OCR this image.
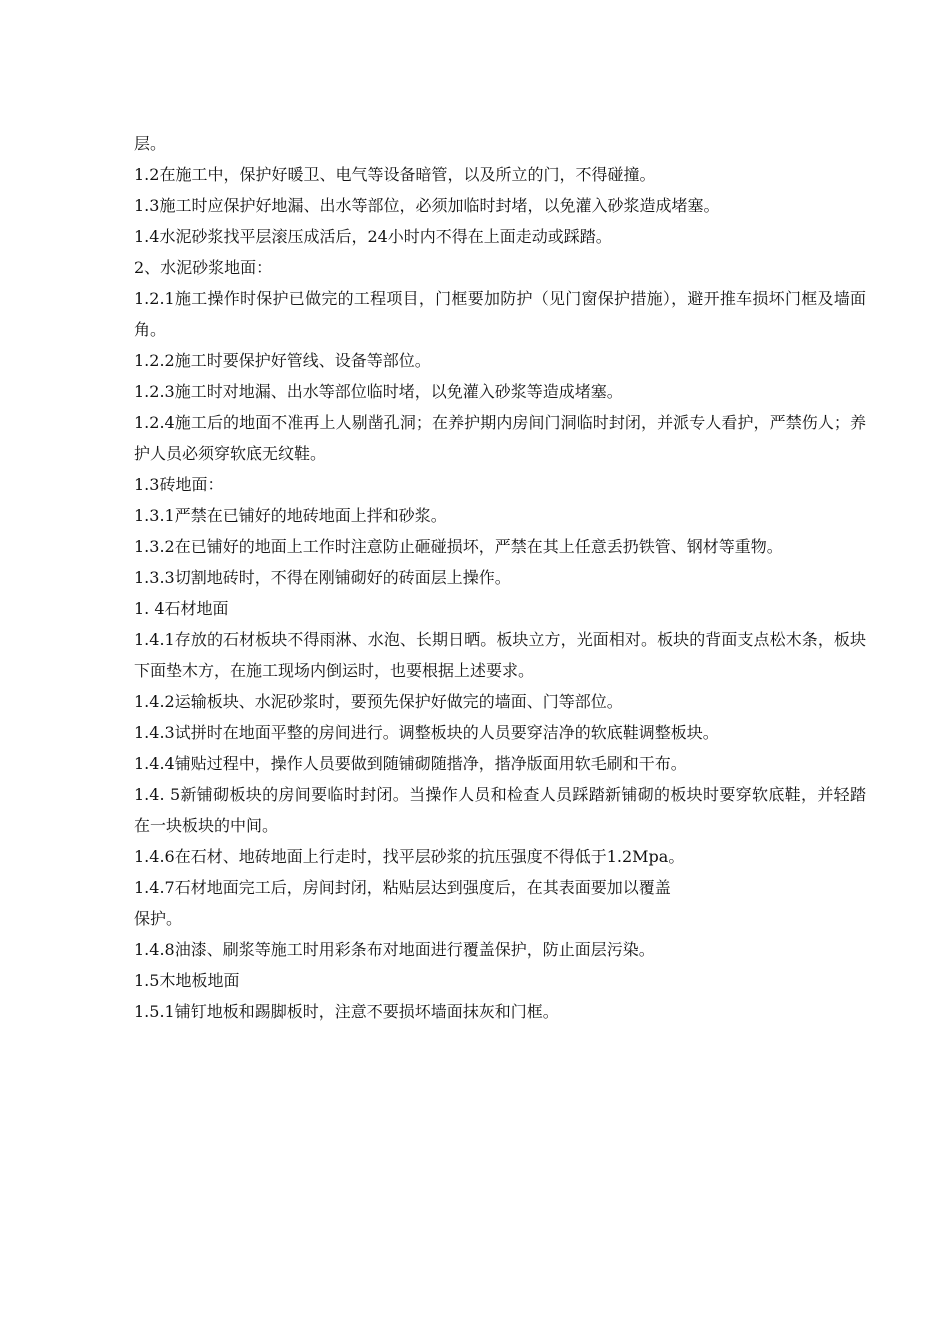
层。

1.2在施工中，保护好暖卫、电气等设备暗管，以及所立的门，不得碰撞。

1.3施工时应保护好地漏、出水等部位，必须加临时封堵，以免灌入砂浆造成堵塞。

1.4水泥砂浆找平层滚压成活后，24小时内不得在上面走动或踩踏。

2、水泥砂浆地面：

1.2.1施工操作时保护已做完的工程项目，门框要加防护（见门窗保护措施），避开推车损坏门框及墙面角。

1.2.2施工时要保护好管线、设备等部位。

1.2.3施工时对地漏、出水等部位临时堵，以免灌入砂浆等造成堵塞。

1.2.4施工后的地面不准再上人剔凿孔洞；在养护期内房间门洞临时封闭，并派专人看护，严禁伤人；养护人员必须穿软底无纹鞋。

1.3砖地面：

1.3.1严禁在已铺好的地砖地面上拌和砂浆。

1.3.2在已铺好的地面上工作时注意防止砸碰损坏，严禁在其上任意丢扔铁管、钢材等重物。

1.3.3切割地砖时，不得在刚铺砌好的砖面层上操作。

1. 4石材地面

1.4.1存放的石材板块不得雨淋、水泡、长期日晒。板块立方，光面相对。板块的背面支点松木条，板块下面垫木方，在施工现场内倒运时，也要根据上述要求。

1.4.2运输板块、水泥砂浆时，要预先保护好做完的墙面、门等部位。

1.4.3试拼时在地面平整的房间进行。调整板块的人员要穿洁净的软底鞋调整板块。

1.4.4铺贴过程中，操作人员要做到随铺砌随揩净，揩净版面用软毛刷和干布。

1.4. 5新铺砌板块的房间要临时封闭。当操作人员和检查人员踩踏新铺砌的板块时要穿软底鞋，并轻踏在一块板块的中间。

1.4.6在石材、地砖地面上行走时，找平层砂浆的抗压强度不得低于1.2Mpa。

1.4.7石材地面完工后，房间封闭，粘贴层达到强度后，在其表面要加以覆盖

保护。

1.4.8油漆、刷浆等施工时用彩条布对地面进行覆盖保护，防止面层污染。

1.5木地板地面

1.5.1铺钉地板和踢脚板时，注意不要损坏墙面抹灰和门框。
